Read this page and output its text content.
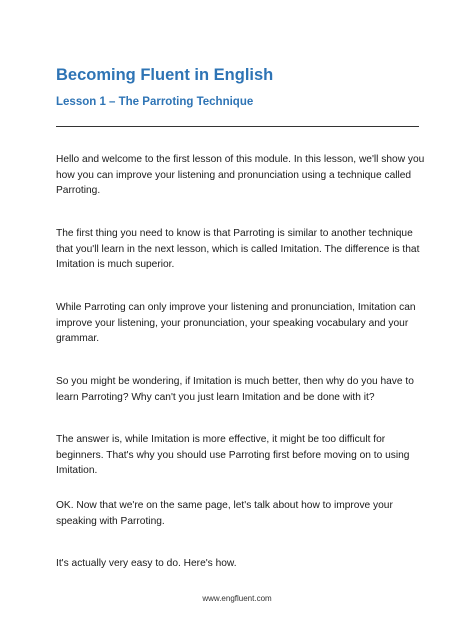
Becoming Fluent in English
Lesson 1 – The Parroting Technique
Hello and welcome to the first lesson of this module. In this lesson, we'll show you
how you can improve your listening and pronunciation using a technique called
Parroting.
The first thing you need to know is that Parroting is similar to another technique
that you'll learn in the next lesson, which is called Imitation. The difference is that
Imitation is much superior.
While Parroting can only improve your listening and pronunciation, Imitation can
improve your listening, your pronunciation, your speaking vocabulary and your
grammar.
So you might be wondering, if Imitation is much better, then why do you have to
learn Parroting? Why can't you just learn Imitation and be done with it?
The answer is, while Imitation is more effective, it might be too difficult for
beginners. That's why you should use Parroting first before moving on to using
Imitation.
OK. Now that we're on the same page, let's talk about how to improve your
speaking with Parroting.
It's actually very easy to do. Here's how.
www.engfluent.com
